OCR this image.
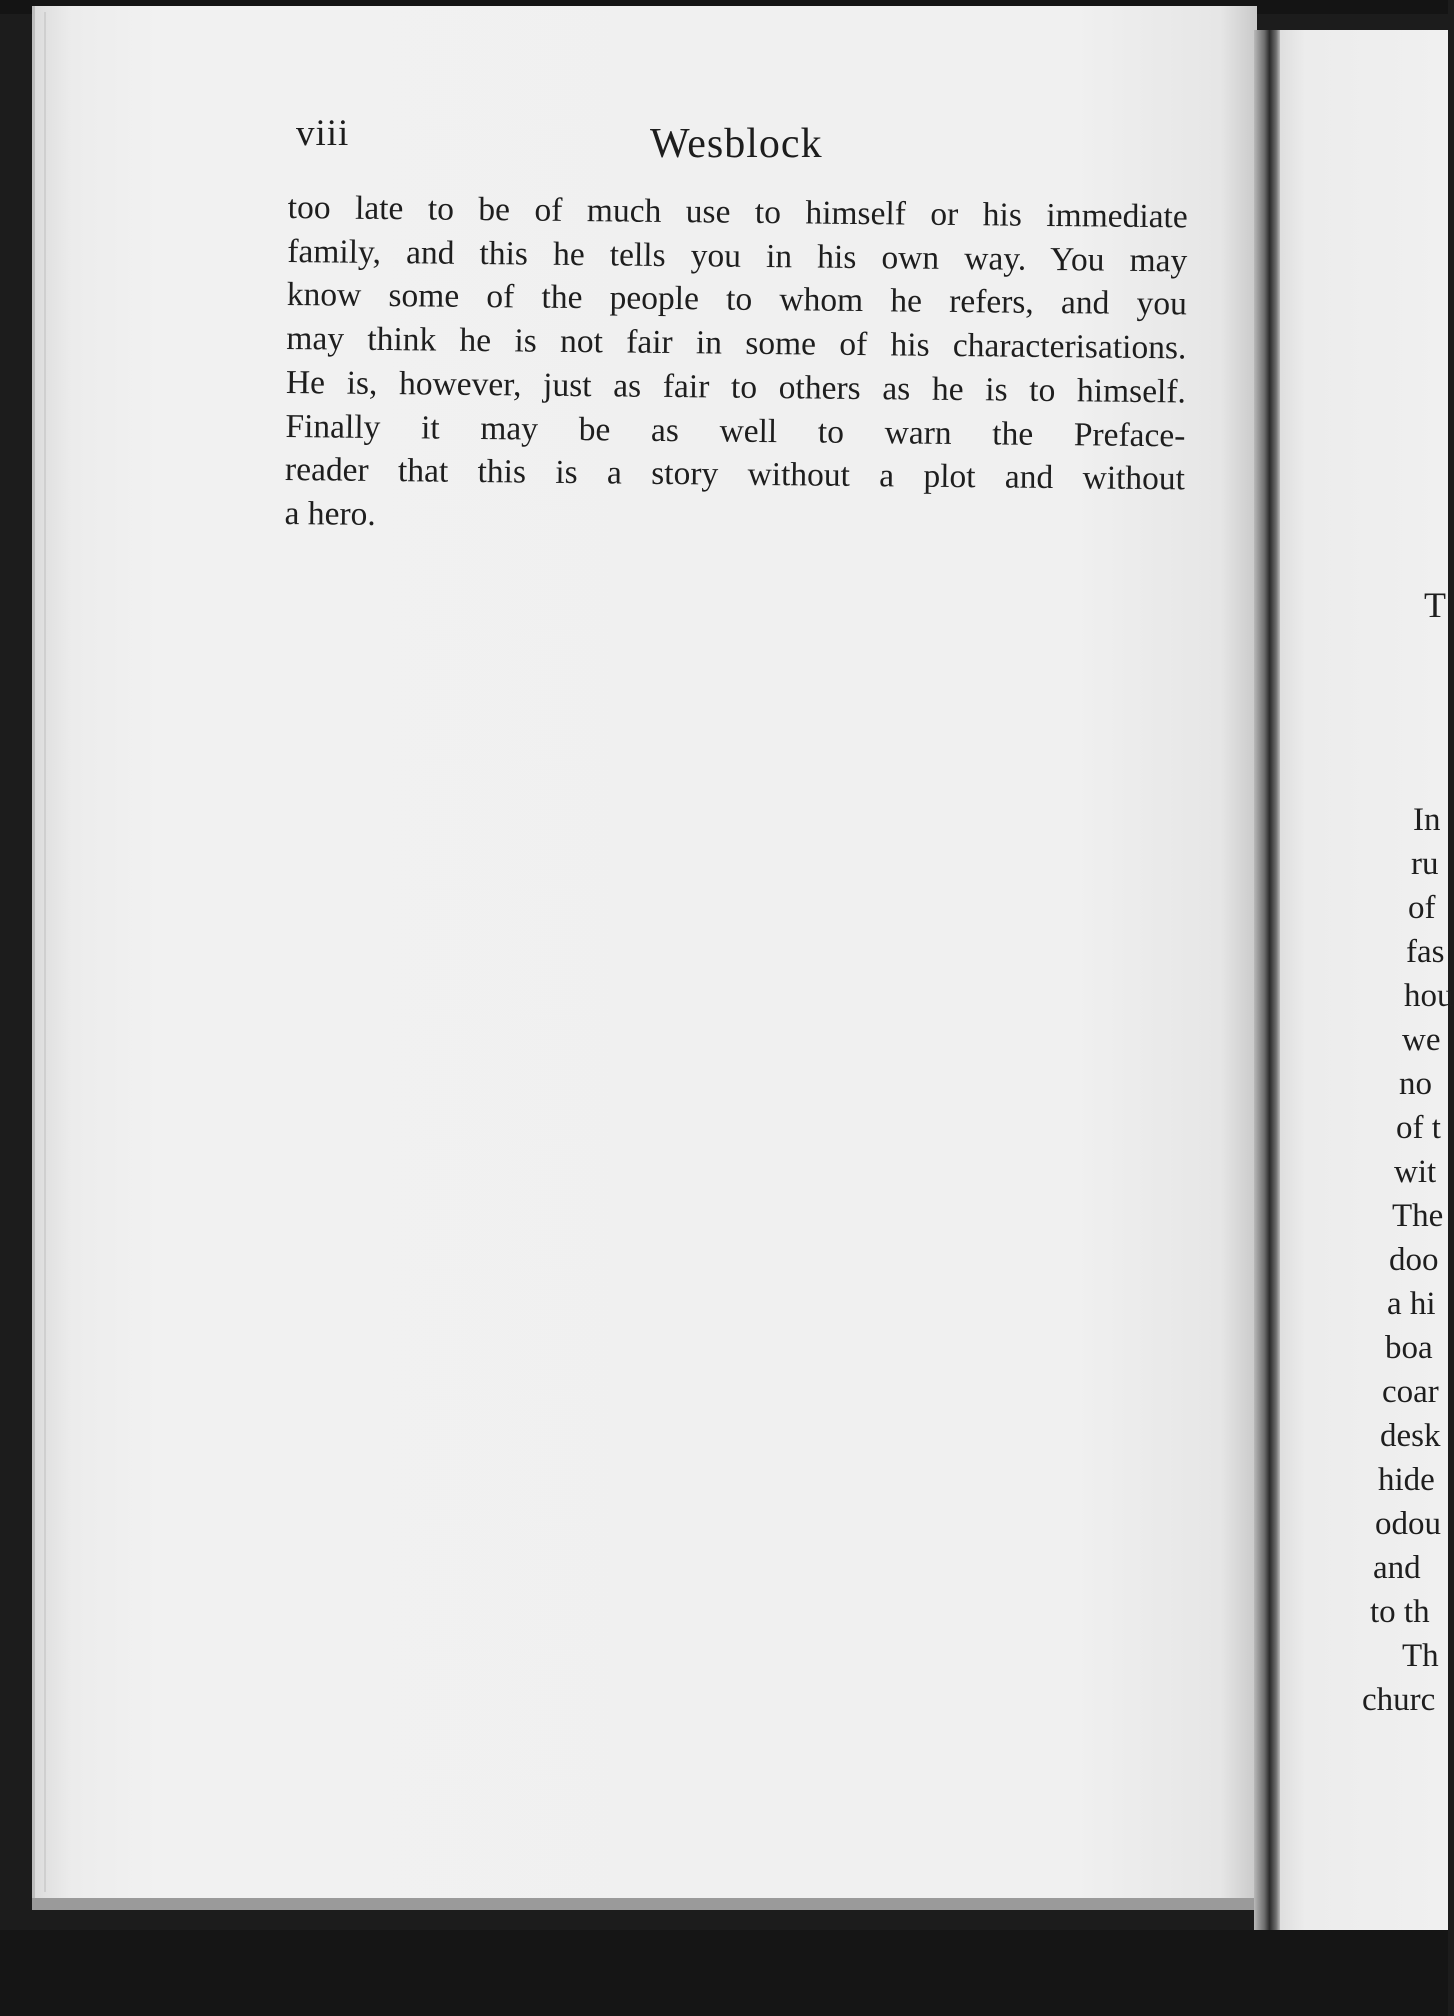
viii	Wesblock
too late to be of much use to himself or his immediate
family, and this he tells you in his own way. You may
know some of the people to whom he refers, and you
may think he is not fair in some of his characterisations.
He is, however, just as fair to others as he is to himself.
Finally it may be as well to warn the Preface-
reader that this is a story without a plot and without
a hero.
T
In
ru
of
fas
hou
we
no
of t
wit
The
doo
a hi
boa
coar
desk
hide
odou
and
to th
Th
churc
